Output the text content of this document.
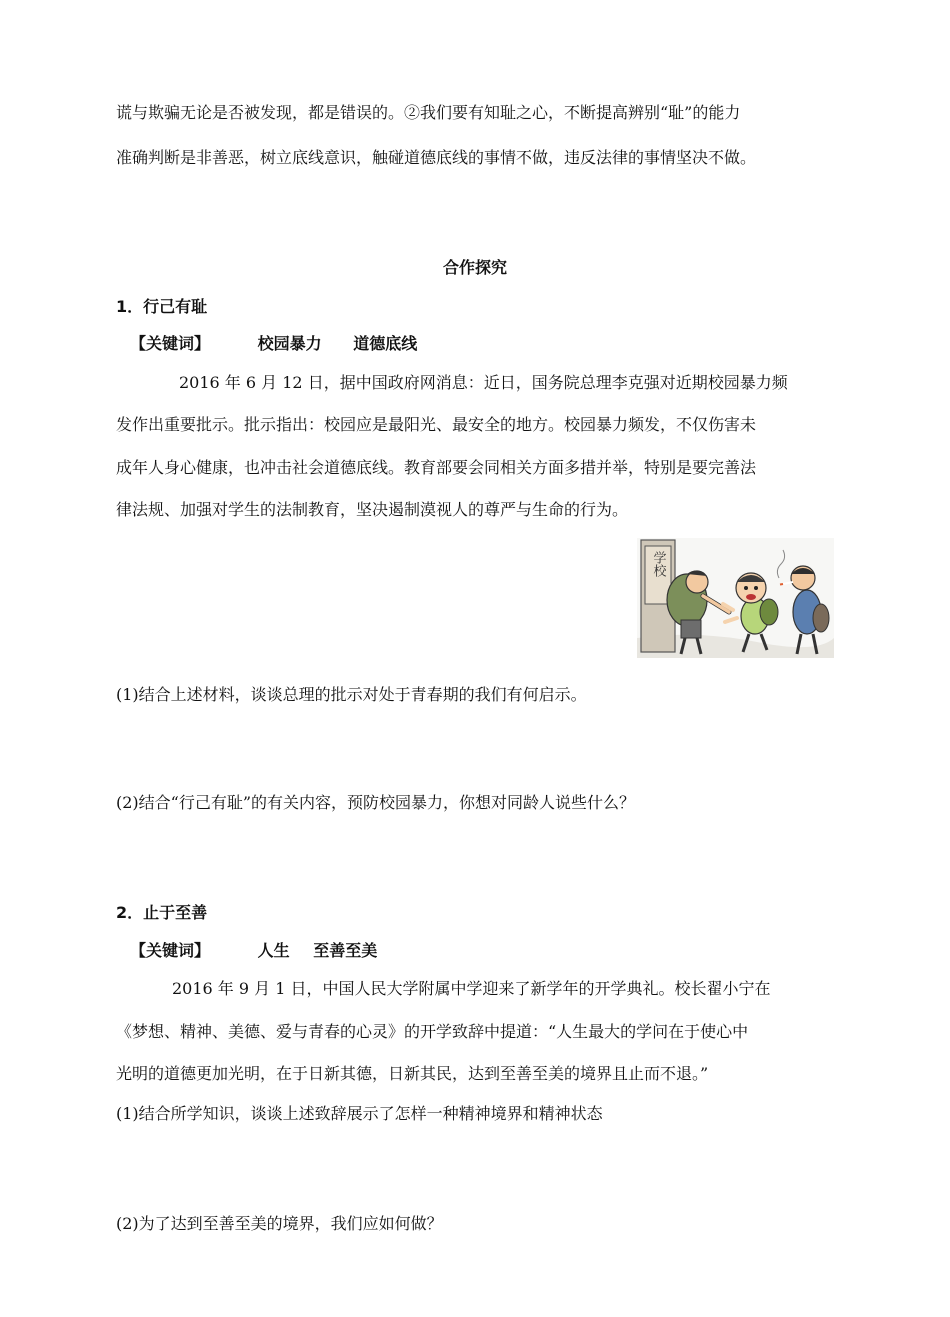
谎与欺骗无论是否被发现，都是错误的。②我们要有知耻之心，不断提高辨别“耻”的能力
准确判断是非善恶，树立底线意识，触碰道德底线的事情不做，违反法律的事情坚决不做。
合作探究
1．行己有耻
【关键词】	校园暴力 道德底线
2016 年 6 月 12 日，据中国政府网消息：近日，国务院总理李克强对近期校园暴力频
发作出重要批示。批示指出：校园应是最阳光、最安全的地方。校园暴力频发，不仅伤害未
成年人身心健康，也冲击社会道德底线。教育部要会同相关方面多措并举，特别是要完善法
律法规、加强对学生的法制教育，坚决遏制漠视人的尊严与生命的行为。
学校
(1)结合上述材料，谈谈总理的批示对处于青春期的我们有何启示。
(2)结合“行己有耻”的有关内容，预防校园暴力，你想对同龄人说些什么？
2．止于至善
【关键词】	人生 至善至美
2016 年 9 月 1 日，中国人民大学附属中学迎来了新学年的开学典礼。校长翟小宁在
《梦想、精神、美德、爱与青春的心灵》的开学致辞中提道：“人生最大的学问在于使心中
光明的道德更加光明，在于日新其德，日新其民，达到至善至美的境界且止而不退。”
(1)结合所学知识，谈谈上述致辞展示了怎样一种精神境界和精神状态
(2)为了达到至善至美的境界，我们应如何做？
